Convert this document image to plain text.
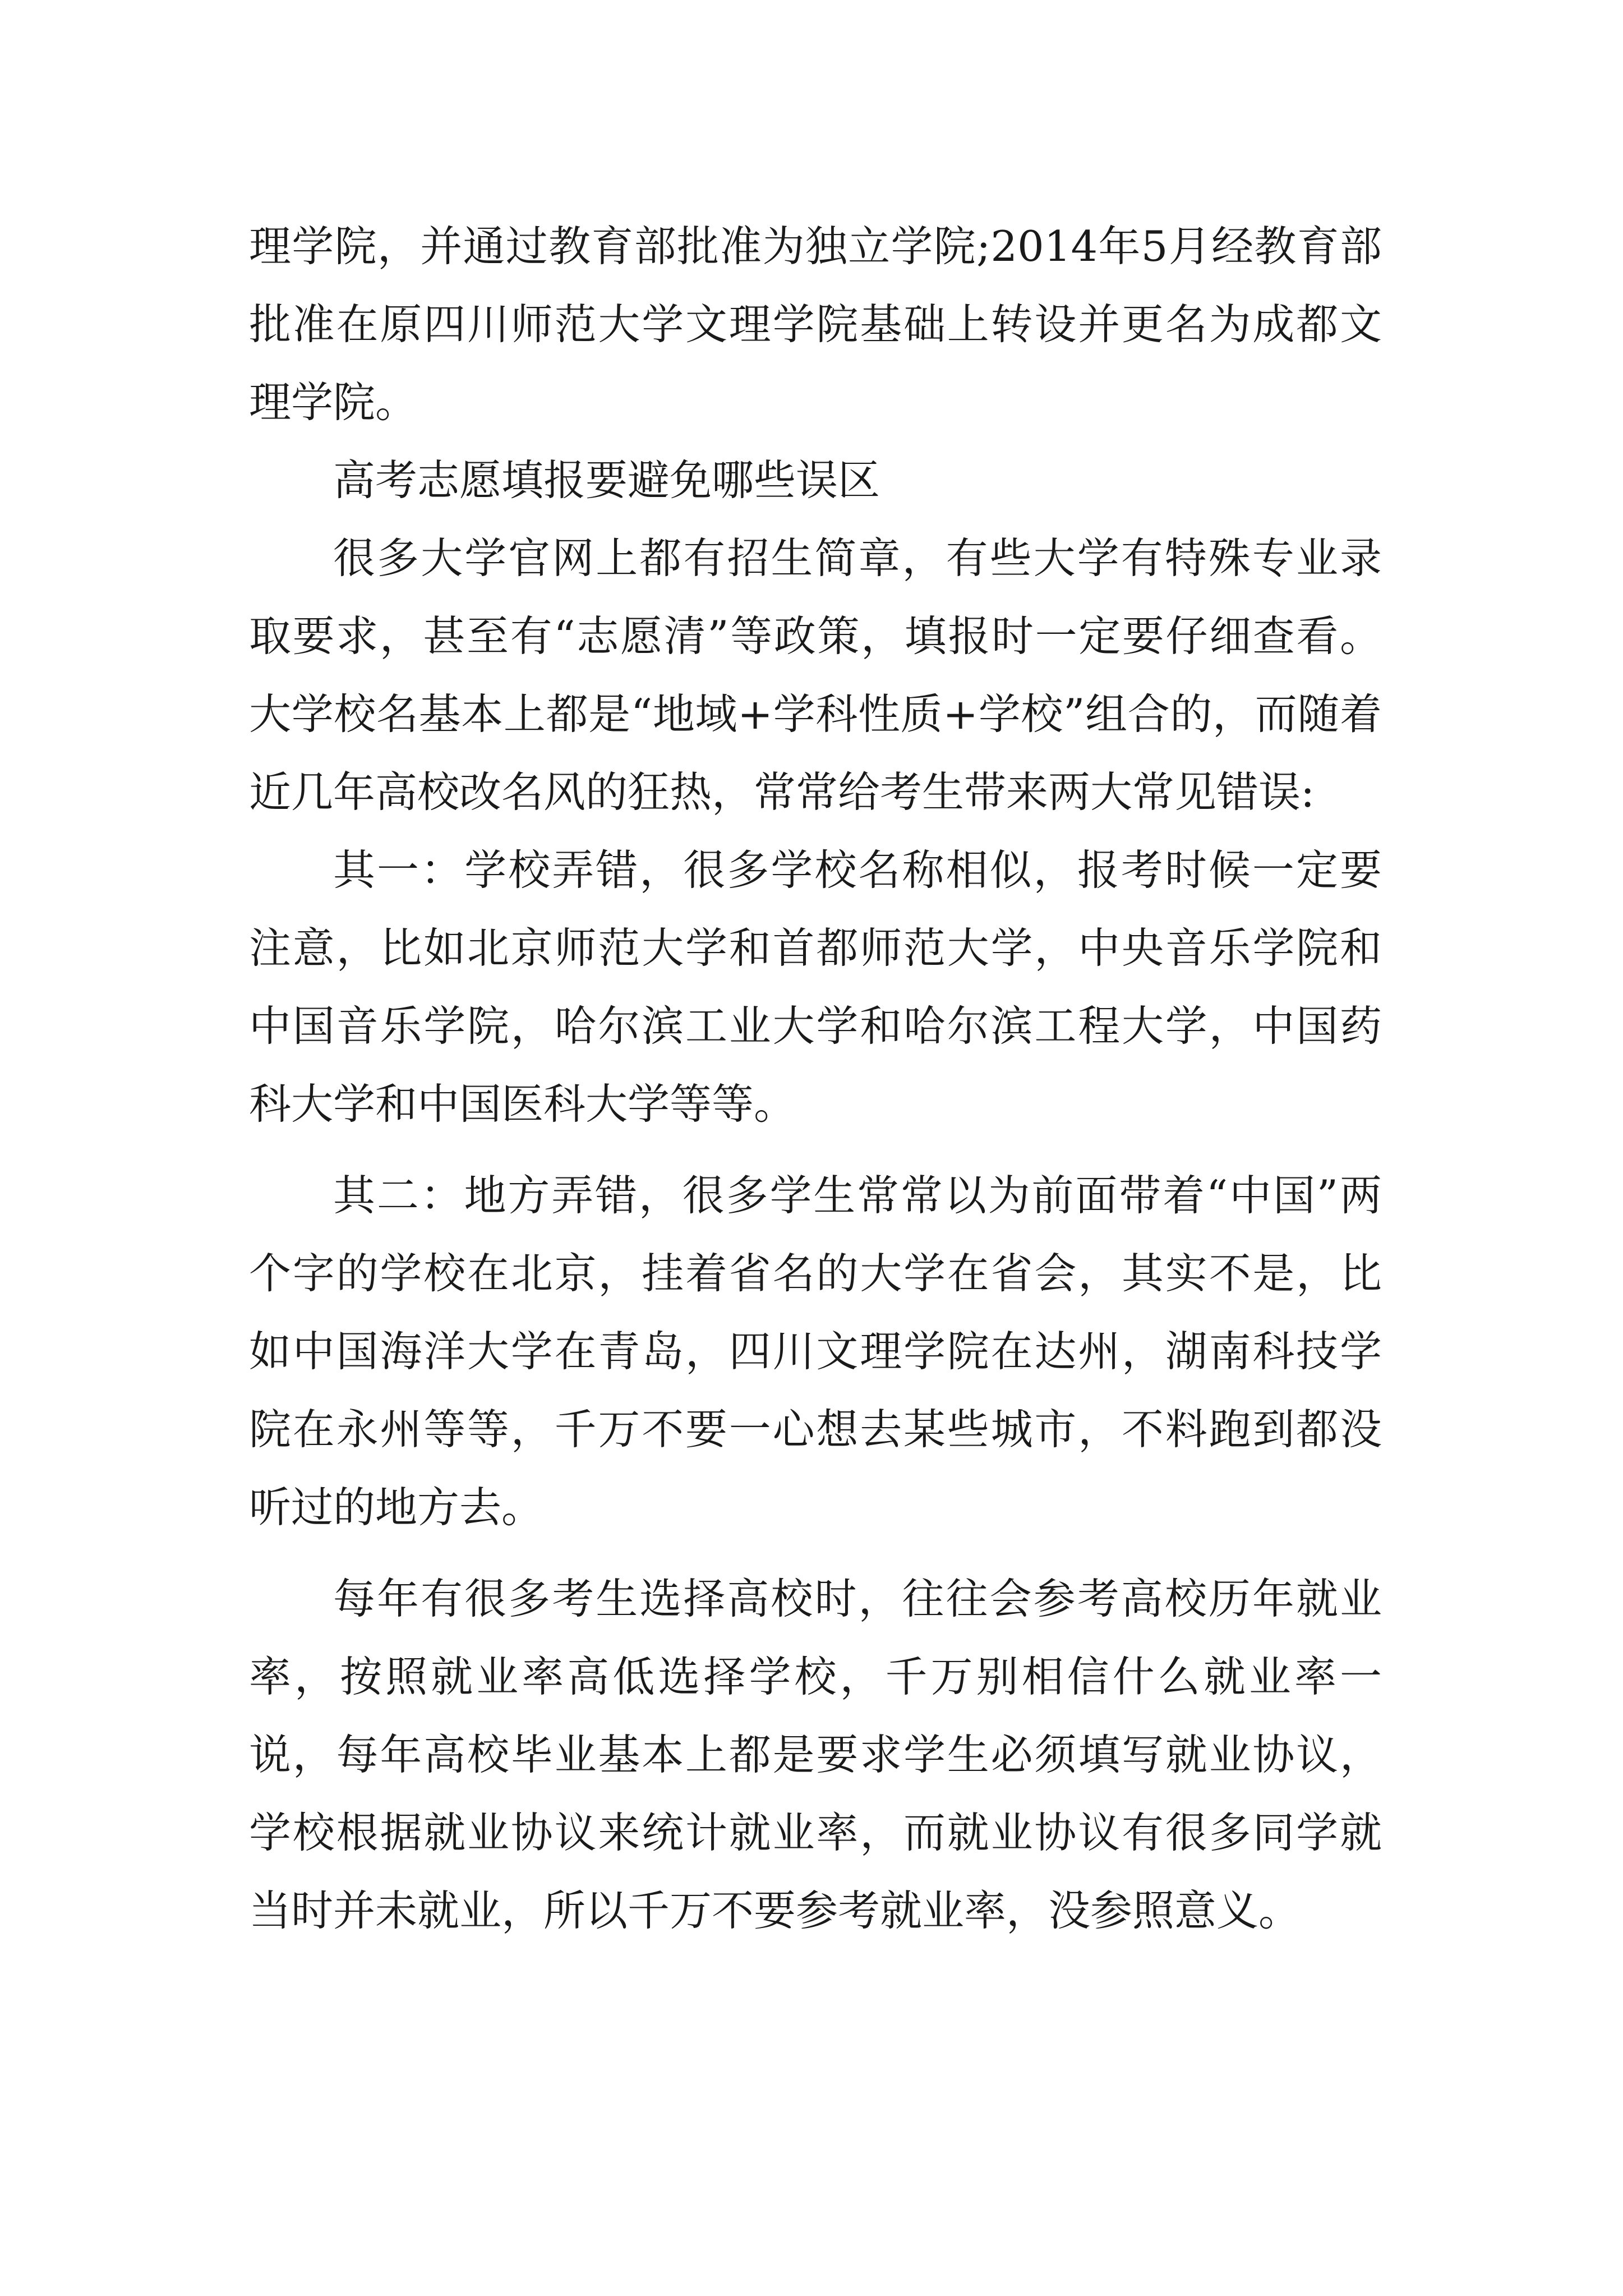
理学院，并通过教育部批准为独立学院;2014年5月经教育部批准在原四川师范大学文理学院基础上转设并更名为成都文理学院。

高考志愿填报要避免哪些误区

很多大学官网上都有招生简章，有些大学有特殊专业录取要求，甚至有“志愿清”等政策，填报时一定要仔细查看。大学校名基本上都是“地域+学科性质+学校”组合的，而随着近几年高校改名风的狂热，常常给考生带来两大常见错误:

其一：学校弄错，很多学校名称相似，报考时候一定要注意，比如北京师范大学和首都师范大学，中央音乐学院和中国音乐学院，哈尔滨工业大学和哈尔滨工程大学，中国药科大学和中国医科大学等等。

其二：地方弄错，很多学生常常以为前面带着“中国”两个字的学校在北京，挂着省名的大学在省会，其实不是，比如中国海洋大学在青岛，四川文理学院在达州，湖南科技学院在永州等等，千万不要一心想去某些城市，不料跑到都没听过的地方去。

每年有很多考生选择高校时，往往会参考高校历年就业率，按照就业率高低选择学校，千万别相信什么就业率一说，每年高校毕业基本上都是要求学生必须填写就业协议，学校根据就业协议来统计就业率，而就业协议有很多同学就当时并未就业，所以千万不要参考就业率，没参照意义。
